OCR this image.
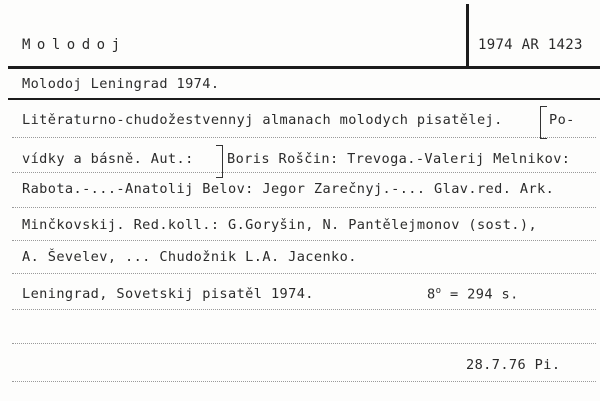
Molodoj	1974 AR 1423
Molodoj Leningrad 1974.
Litěraturno-chudožestvennyj almanach molodych pisatělej.	Po-
vídky a básně. Aut.: Boris Roščin: Trevoga.-Valerij Melnikov:
Rabota.-...-Anatolij Belov: Jegor Zarečnyj.-... Glav.red. Ark.
Minčkovskij. Red.koll.: G.Goryšin, N. Pantělejmonov (sost.),
A. Ševelev, ... Chudožnik L.A. Jacenko.
Leningrad, Sovetskij pisatěl 1974.	$8^o = 294$ s.
28.7.76 Pi.
